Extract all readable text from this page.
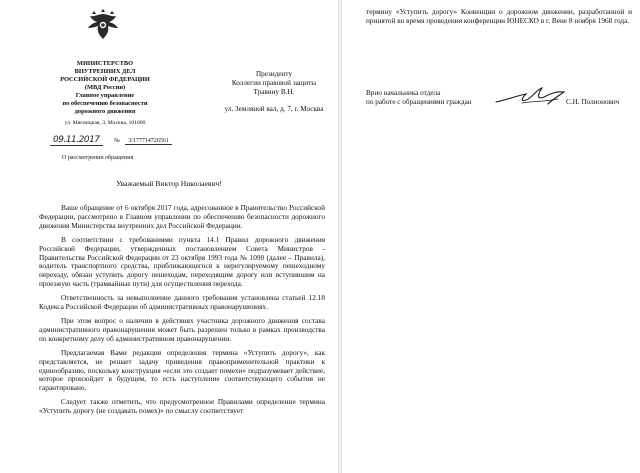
МИНИСТЕРСТВО
ВНУТРЕННИХ ДЕЛ
РОССИЙСКОЙ ФЕДЕРАЦИИ
(МВД России)
Главное управление
по обеспечению безопасности
дорожного движения
ул. Мясницкая, 3, Москва, 101000
09.11.2017 № 3/177714726561
О рассмотрении обращения
Президенту
Коллегии правовой защиты
Травину В.Н.
ул. Земляной вал, д. 7, г. Москва
Уважаемый Виктор Николаевич!

Ваше обращение от 6 октября 2017 года, адресованное в Правительство Российской Федерации, рассмотрено в Главном управлении по обеспечению безопасности дорожного движения Министерства внутренних дел Российской Федерации.

В соответствии с требованиями пункта 14.1 Правил дорожного движения Российской Федерации, утвержденных постановлением Совета Министров - Правительства Российской Федерации от 23 октября 1993 года № 1090 (далее – Правила), водитель транспортного средства, приближающегося к нерегулируемому пешеходному переходу, обязан уступить дорогу пешеходам, переходящим дорогу или вступившим на проезжую часть (трамвайные пути) для осуществления перехода.

Ответственность за невыполнение данного требования установлена статьей 12.18 Кодекса Российской Федерации об административных правонарушениях.

При этом вопрос о наличии в действиях участника дорожного движения состава административного правонарушения может быть разрешен только в рамках производства по конкретному делу об административном правонарушении.

Предлагаемая Вами редакция определения термина «Уступить дорогу», как представляется, не решает задачу приведения правоприменительной практики к единообразию, поскольку конструкция «если это создает помехи» подразумевает действие, которое произойдет в будущем, то есть наступление соответствующего события не гарантировано.

Следует также отметить, что предусмотренное Правилами определение термина «Уступить дорогу (не создавать помех)» по смыслу соответствует

термину «Уступить дорогу» Конвенции о дорожном движении, разработанной и принятой во время проведения конференции ЮНЕСКО в г. Вене 8 ноября 1968 года.
Врио начальника отдела
по работе с обращениями граждан	С.Н. Полионович
